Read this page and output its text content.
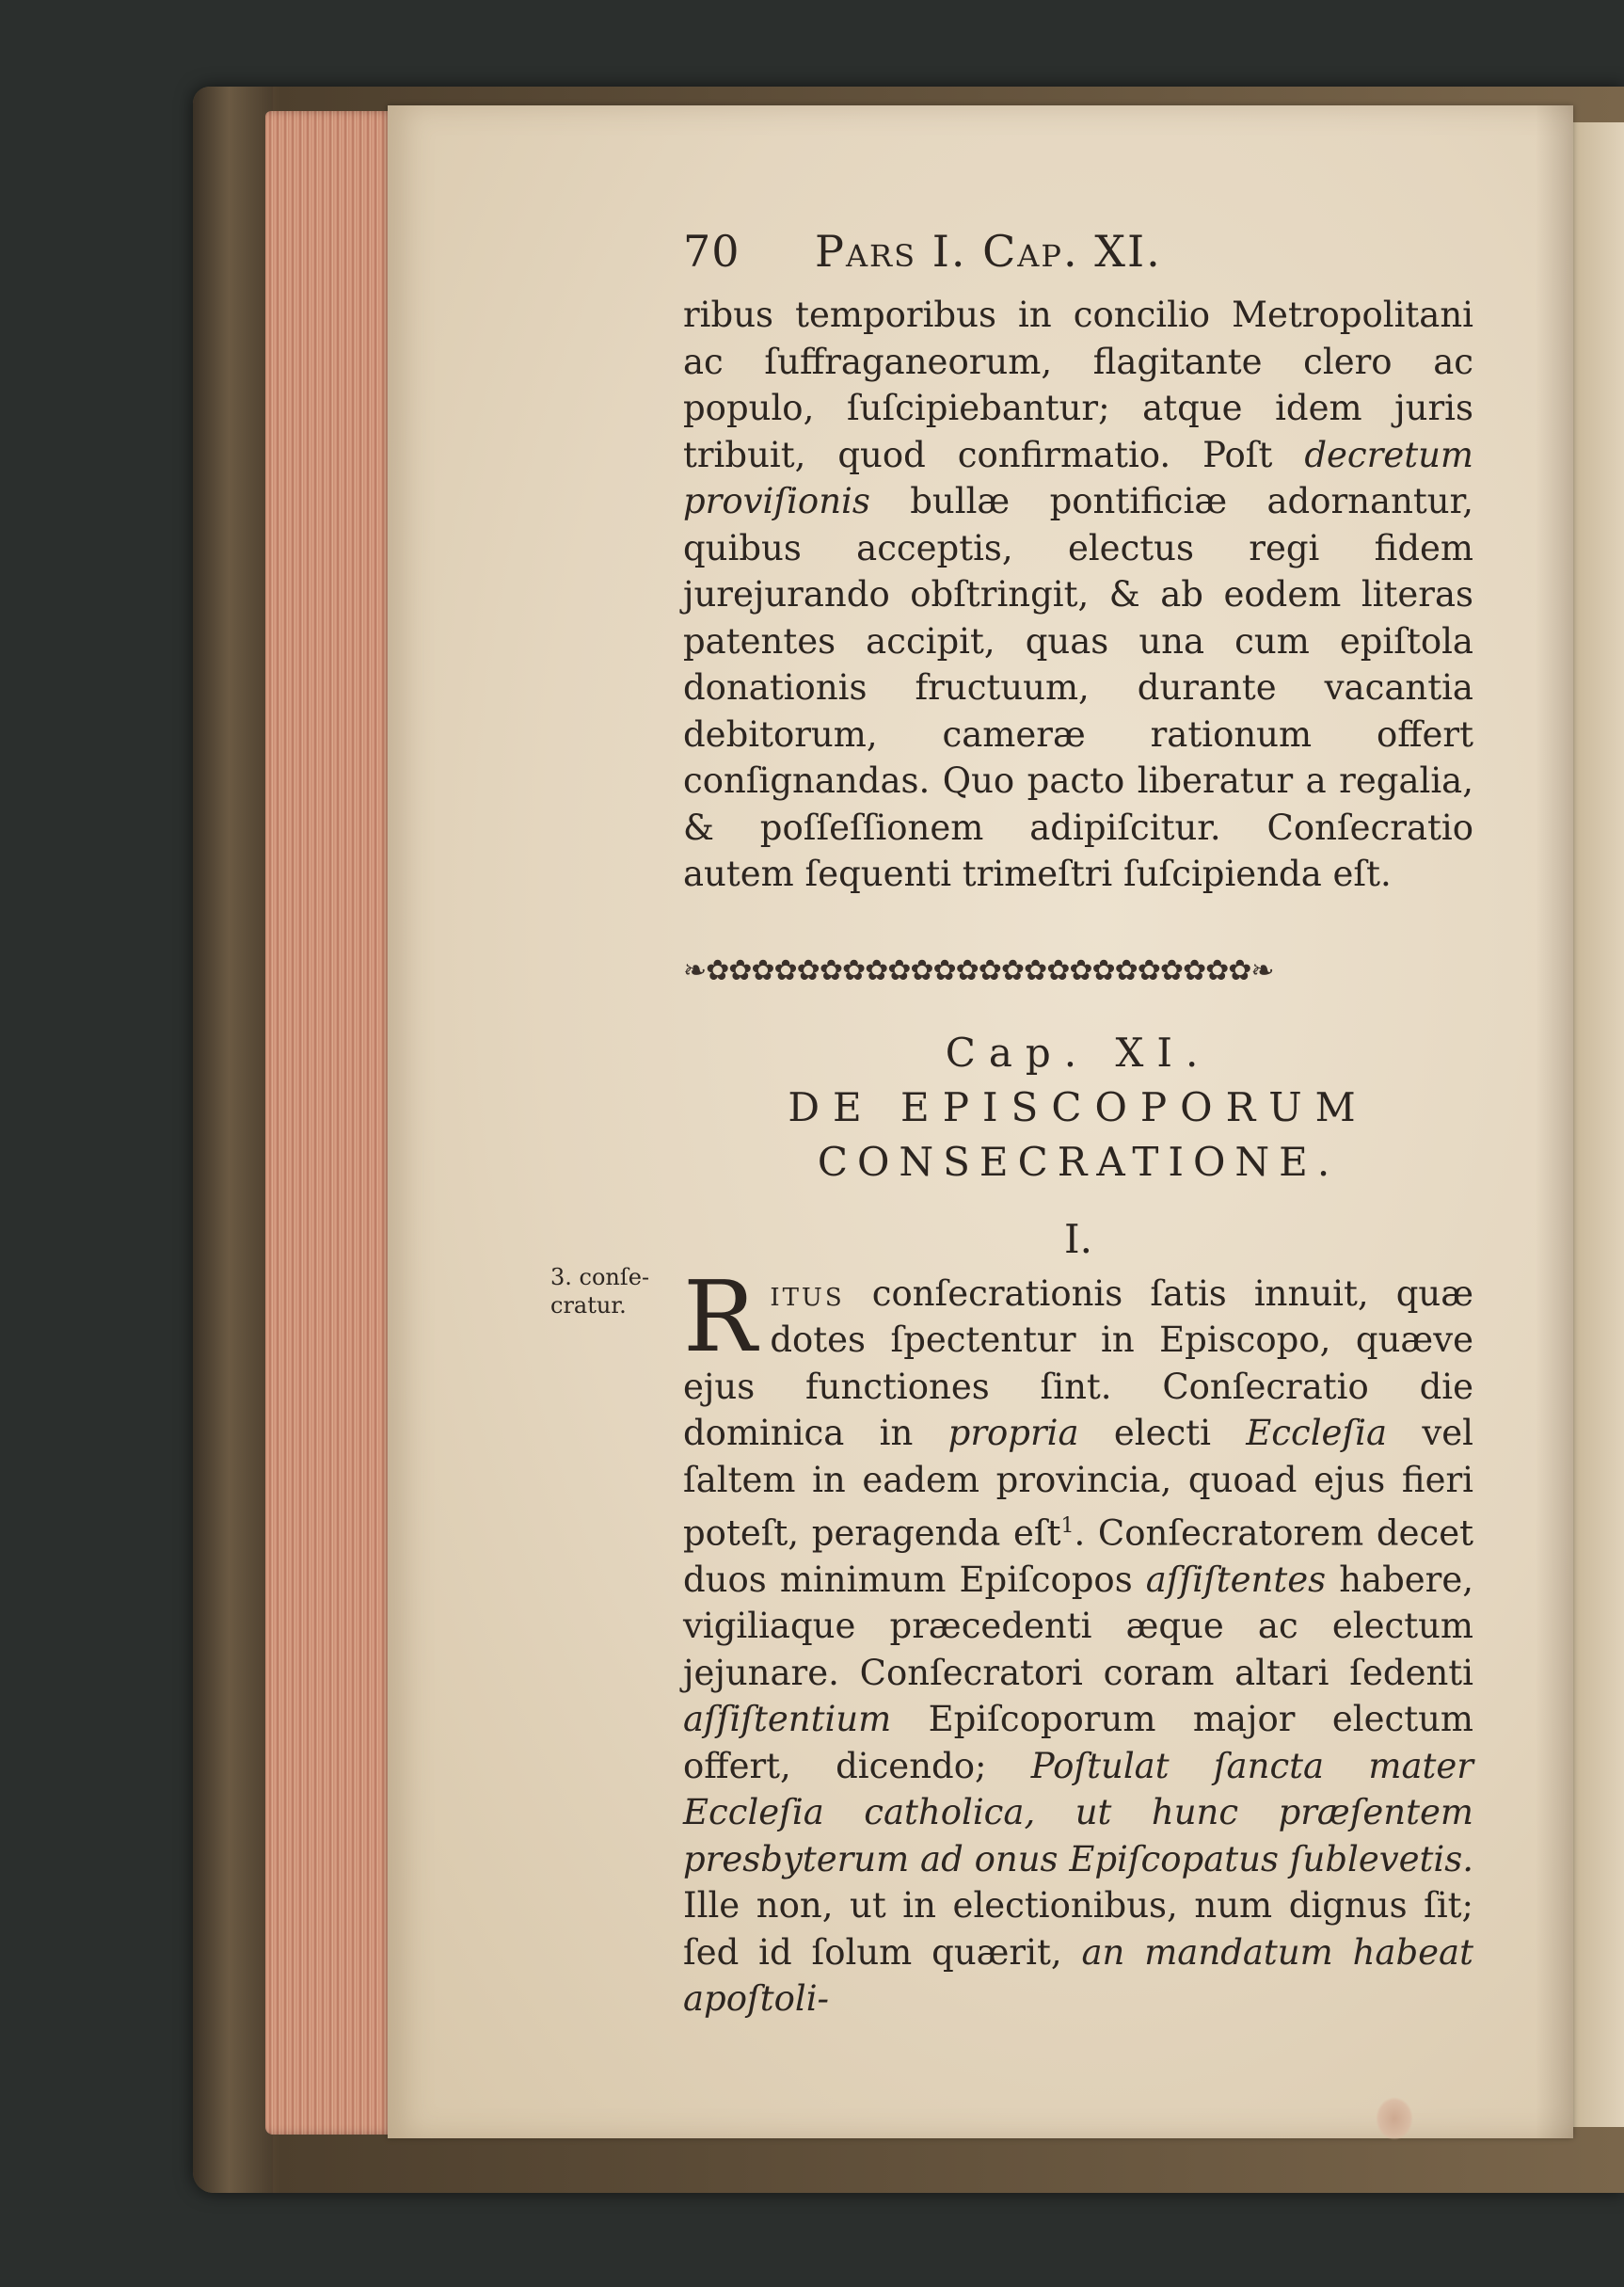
3. conſe-
cratur.
70	Pars I. Cap. XI.

ribus temporibus in concilio Metropolitani ac ſuffraganeorum, flagitante clero ac populo, ſuſcipiebantur; atque idem juris tribuit, quod confirmatio. Poſt decretum proviſionis bullæ pontificiæ adornantur, quibus acceptis, electus regi fidem jurejurando obſtringit, & ab eodem literas patentes accipit, quas una cum epiſtola donationis fructuum, durante vacantia debitorum, cameræ rationum offert conſignandas. Quo pacto liberatur a regalia, & poſſeſſionem adipiſcitur. Conſecratio autem ſequenti trimeſtri ſuſcipienda eſt.

❧✿✿✿✿✿✿✿✿✿✿✿✿✿✿✿✿✿✿✿✿✿✿✿✿❧

Cap. XI.

DE EPISCOPORUM

CONSECRATIONE.

I.

Ritus conſecrationis ſatis innuit, quæ dotes ſpectentur in Episcopo, quæve ejus functiones ſint. Conſecratio die dominica in propria electi Eccleſia vel ſaltem in eadem provincia, quoad ejus fieri poteſt, peragenda eſt$^1$. Conſecratorem decet duos minimum Epiſcopos aſſiſtentes habere, vigiliaque præcedenti æque ac electum jejunare. Conſecratori coram altari ſedenti aſſiſtentium Epiſcoporum major electum offert, dicendo; Poſtulat ſancta mater Eccleſia catholica, ut hunc præſentem presbyterum ad onus Epiſcopatus ſublevetis. Ille non, ut in electionibus, num dignus ſit; ſed id ſolum quærit, an mandatum habeat apoſtoli-
